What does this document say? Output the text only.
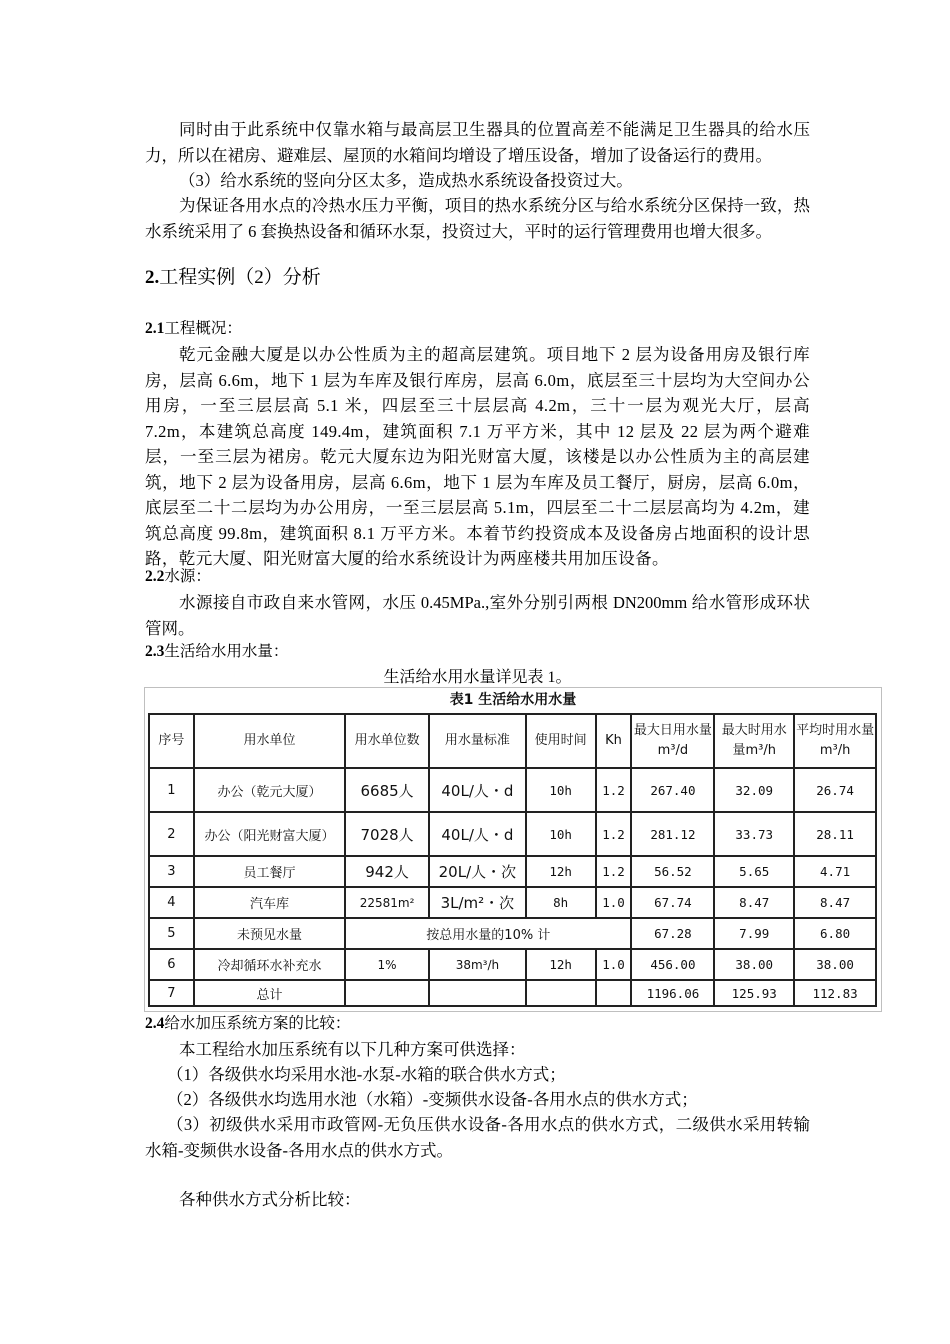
同时由于此系统中仅靠水箱与最高层卫生器具的位置高差不能满足卫生器具的给水压力，所以在裙房、避难层、屋顶的水箱间均增设了增压设备，增加了设备运行的费用。

（3）给水系统的竖向分区太多，造成热水系统设备投资过大。

为保证各用水点的冷热水压力平衡，项目的热水系统分区与给水系统分区保持一致，热水系统采用了 6 套换热设备和循环水泵，投资过大，平时的运行管理费用也增大很多。

2.工程实例（2）分析
2.1工程概况：

乾元金融大厦是以办公性质为主的超高层建筑。项目地下 2 层为设备用房及银行库房，层高 6.6m，地下 1 层为车库及银行库房，层高 6.0m，底层至三十层均为大空间办公用房，一至三层层高 5.1 米，四层至三十层层高 4.2m，三十一层为观光大厅，层高 7.2m，本建筑总高度 149.4m，建筑面积 7.1 万平方米，其中 12 层及 22 层为两个避难层，一至三层为裙房。乾元大厦东边为阳光财富大厦，该楼是以办公性质为主的高层建筑，地下 2 层为设备用房，层高 6.6m，地下 1 层为车库及员工餐厅，厨房，层高 6.0m，底层至二十二层均为办公用房，一至三层层高 5.1m，四层至二十二层层高均为 4.2m，建筑总高度 99.8m，建筑面积 8.1 万平方米。本着节约投资成本及设备房占地面积的设计思路，乾元大厦、阳光财富大厦的给水系统设计为两座楼共用加压设备。

2.2水源：

水源接自市政自来水管网，水压 0.45MPa.,室外分别引两根 DN200mm 给水管形成环状管网。

2.3生活给水用水量：

生活给水用水量详见表 1。

表1 生活给水用水量
序号	用水单位	用水单位数	用水量标准	使用时间	Kh	最大日用水量m³/d	最大时用水量m³/h	平均时用水量m³/h
1	办公（乾元大厦）	6685人	40L/人・d	10h	1.2	267.40	32.09	26.74
2	办公（阳光财富大厦）	7028人	40L/人・d	10h	1.2	281.12	33.73	28.11
3	员工餐厅	942人	20L/人・次	12h	1.2	56.52	5.65	4.71
4	汽车库	22581m²	3L/m²・次	8h	1.0	67.74	8.47	8.47
5	未预见水量	按总用水量的10% 计				67.28	7.99	6.80
6	冷却循环水补充水	1%	38m³/h	12h	1.0	456.00	38.00	38.00
7	总计					1196.06	125.93	112.83
2.4给水加压系统方案的比较：

本工程给水加压系统有以下几种方案可供选择：

（1）各级供水均采用水池-水泵-水箱的联合供水方式；

（2）各级供水均选用水池（水箱）-变频供水设备-各用水点的供水方式；

（3）初级供水采用市政管网-无负压供水设备-各用水点的供水方式，二级供水采用转输水箱-变频供水设备-各用水点的供水方式。

各种供水方式分析比较：
